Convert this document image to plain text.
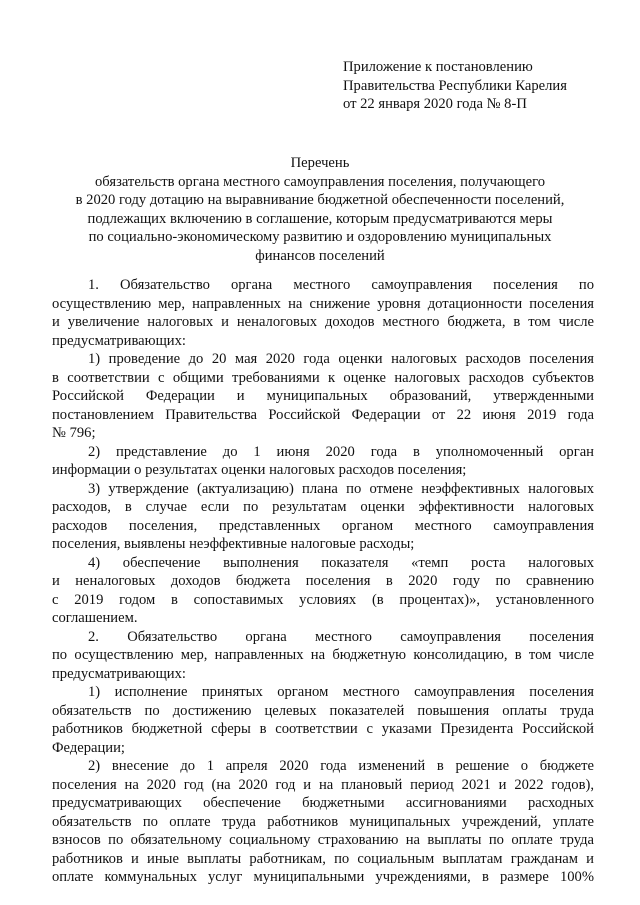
Приложение к постановлению
Правительства Республики Карелия
от 22 января 2020 года № 8-П
Перечень
обязательств органа местного самоуправления поселения, получающего
в 2020 году дотацию на выравнивание бюджетной обеспеченности поселений,
подлежащих включению в соглашение, которым предусматриваются меры
по социально-экономическому развитию и оздоровлению муниципальных
финансов поселений
1. Обязательство органа местного самоуправления поселения по
осуществлению мер, направленных на снижение уровня дотационности поселения
и увеличение налоговых и неналоговых доходов местного бюджета, в том числе
предусматривающих:
1) проведение до 20 мая 2020 года оценки налоговых расходов поселения
в соответствии с общими требованиями к оценке налоговых расходов субъектов
Российской Федерации и муниципальных образований, утвержденными
постановлением Правительства Российской Федерации от 22 июня 2019 года
№ 796;
2) представление до 1 июня 2020 года в уполномоченный орган
информации о результатах оценки налоговых расходов поселения;
3) утверждение (актуализацию) плана по отмене неэффективных налоговых
расходов, в случае если по результатам оценки эффективности налоговых
расходов поселения, представленных органом местного самоуправления
поселения, выявлены неэффективные налоговые расходы;
4) обеспечение выполнения показателя «темп роста налоговых
и неналоговых доходов бюджета поселения в 2020 году по сравнению
с 2019 годом в сопоставимых условиях (в процентах)», установленного
соглашением.
2. Обязательство органа местного самоуправления поселения
по осуществлению мер, направленных на бюджетную консолидацию, в том числе
предусматривающих:
1) исполнение принятых органом местного самоуправления поселения
обязательств по достижению целевых показателей повышения оплаты труда
работников бюджетной сферы в соответствии с указами Президента Российской
Федерации;
2) внесение до 1 апреля 2020 года изменений в решение о бюджете
поселения на 2020 год (на 2020 год и на плановый период 2021 и 2022 годов),
предусматривающих обеспечение бюджетными ассигнованиями расходных
обязательств по оплате труда работников муниципальных учреждений, уплате
взносов по обязательному социальному страхованию на выплаты по оплате труда
работников и иные выплаты работникам, по социальным выплатам гражданам и
оплате коммунальных услуг муниципальными учреждениями, в размере 100%
